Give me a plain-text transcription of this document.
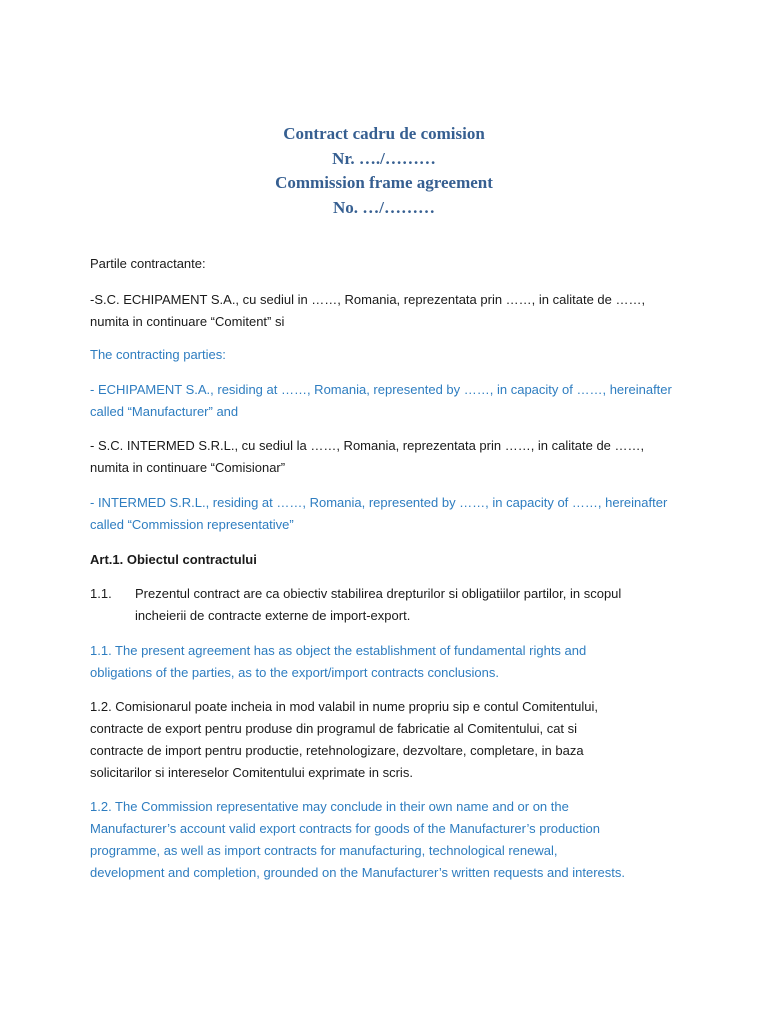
Contract cadru de comision
Nr. …./………
Commission frame agreement
No. …/………

Partile contractante:

-S.C. ECHIPAMENT S.A., cu sediul in ……, Romania, reprezentata prin ……, in calitate de ……,

numita in continuare “Comitent” si

The contracting parties:

- ECHIPAMENT S.A., residing at ……, Romania, represented by ……, in capacity of ……, hereinafter

called “Manufacturer” and

- S.C. INTERMED S.R.L., cu sediul la ……, Romania, reprezentata prin ……, in calitate de ……,

numita in continuare “Comisionar”

- INTERMED S.R.L., residing at ……, Romania, represented by ……, in capacity of ……, hereinafter

called “Commission representative”

Art.1. Obiectul contractului

1.1. Prezentul contract are ca obiectiv stabilirea drepturilor si obligatiilor partilor, in scopul

incheierii de contracte externe de import-export.

1.1. The present agreement has as object the establishment of fundamental rights and

obligations of the parties, as to the export/import contracts conclusions.

1.2. Comisionarul poate incheia in mod valabil in nume propriu sip e contul Comitentului,

contracte de export pentru produse din programul de fabricatie al Comitentului, cat si

contracte de import pentru productie, retehnologizare, dezvoltare, completare, in baza

solicitarilor si intereselor Comitentului exprimate in scris.

1.2. The Commission representative may conclude in their own name and or on the

Manufacturer’s account valid export contracts for goods of the Manufacturer’s production

programme, as well as import contracts for manufacturing, technological renewal,

development and completion, grounded on the Manufacturer’s written requests and interests.
